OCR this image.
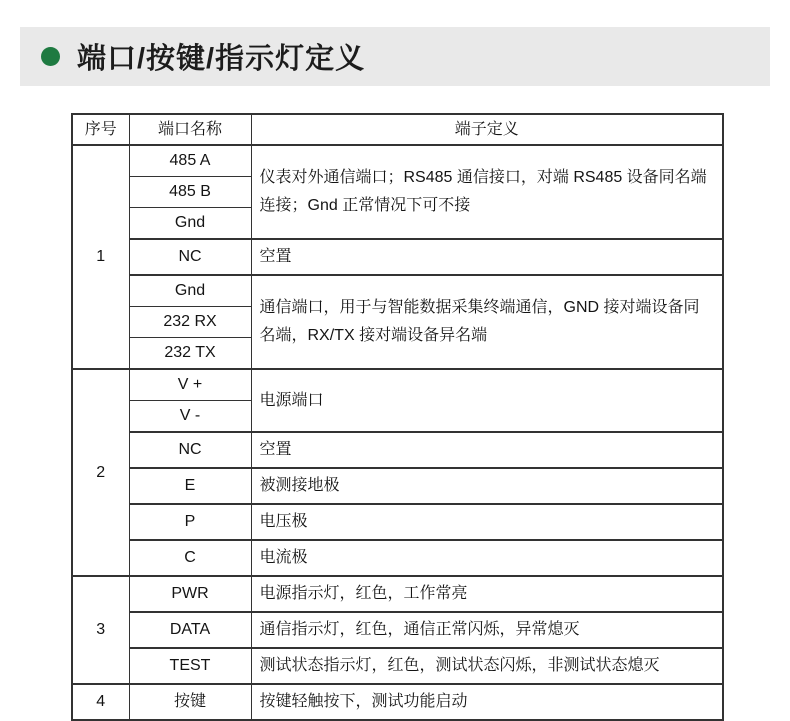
端口/按键/指示灯定义
序号	端口名称	端子定义
1	485 A	仪表对外通信端口；RS485 通信接口，对端 RS485 设备同名端连接；Gnd 正常情况下可不接
	485 B	
	Gnd	
	NC	空置
	Gnd	通信端口，用于与智能数据采集终端通信，GND 接对端设备同名端，RX/TX 接对端设备异名端
	232 RX	
	232 TX	
2	V +	电源端口
	V -	
	NC	空置
	E	被测接地极
	P	电压极
	C	电流极
3	PWR	电源指示灯，红色，工作常亮
	DATA	通信指示灯，红色，通信正常闪烁，异常熄灭
	TEST	测试状态指示灯，红色，测试状态闪烁，非测试状态熄灭
4	按键	按键轻触按下，测试功能启动
